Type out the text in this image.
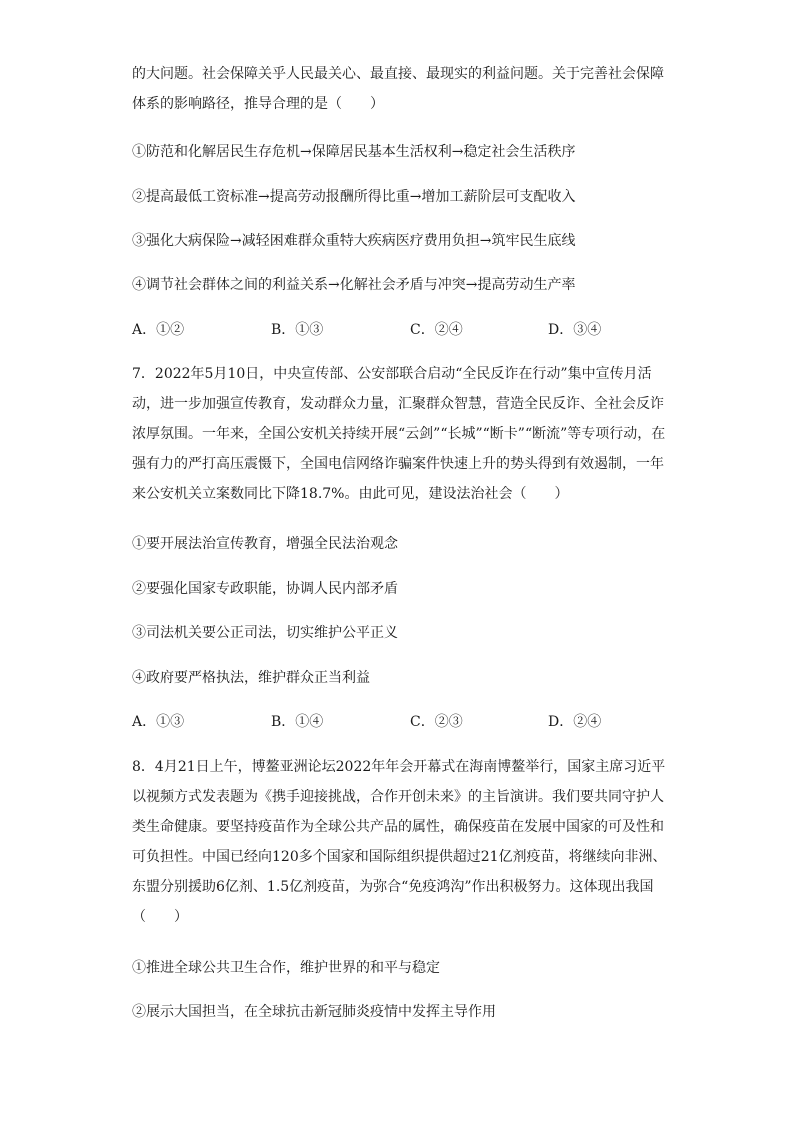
的大问题。社会保障关乎人民最关心、最直接、最现实的利益问题。关于完善社会保障体系的影响路径，推导合理的是（　　）

①防范和化解居民生存危机→保障居民基本生活权利→稳定社会生活秩序

②提高最低工资标准→提高劳动报酬所得比重→增加工薪阶层可支配收入

③强化大病保险→减轻困难群众重特大疾病医疗费用负担→筑牢民生底线

④调节社会群体之间的利益关系→化解社会矛盾与冲突→提高劳动生产率

A．①②	B．①③	C．②④	D．③④

7．2022年5月10日，中央宣传部、公安部联合启动“全民反诈在行动”集中宣传月活动，进一步加强宣传教育，发动群众力量，汇聚群众智慧，营造全民反诈、全社会反诈浓厚氛围。一年来，全国公安机关持续开展“云剑”“长城”“断卡”“断流”等专项行动，在强有力的严打高压震慑下，全国电信网络诈骗案件快速上升的势头得到有效遏制，一年来公安机关立案数同比下降18.7%。由此可见，建设法治社会（　　）

①要开展法治宣传教育，增强全民法治观念

②要强化国家专政职能，协调人民内部矛盾

③司法机关要公正司法，切实维护公平正义

④政府要严格执法，维护群众正当利益

A．①③	B．①④	C．②③	D．②④

8．4月21日上午，博鳌亚洲论坛2022年年会开幕式在海南博鳌举行，国家主席习近平以视频方式发表题为《携手迎接挑战，合作开创未来》的主旨演讲。我们要共同守护人类生命健康。要坚持疫苗作为全球公共产品的属性，确保疫苗在发展中国家的可及性和可负担性。中国已经向120多个国家和国际组织提供超过21亿剂疫苗，将继续向非洲、东盟分别援助6亿剂、1.5亿剂疫苗，为弥合“免疫鸿沟”作出积极努力。这体现出我国（　　）

①推进全球公共卫生合作，维护世界的和平与稳定

②展示大国担当，在全球抗击新冠肺炎疫情中发挥主导作用
